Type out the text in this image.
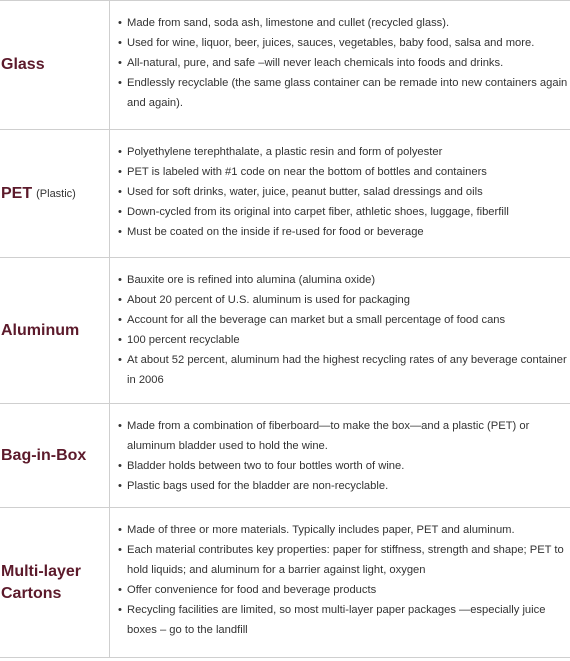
Glass
• Made from sand, soda ash, limestone and cullet (recycled glass).
• Used for wine, liquor, beer, juices, sauces, vegetables, baby food, salsa and more.
• All-natural, pure, and safe –will never leach chemicals into foods and drinks.
• Endlessly recyclable (the same glass container can be remade into new containers again and again).
PET (Plastic)
• Polyethylene terephthalate, a plastic resin and form of polyester
• PET is labeled with #1 code on near the bottom of bottles and containers
• Used for soft drinks, water, juice, peanut butter, salad dressings and oils
• Down-cycled from its original into carpet fiber, athletic shoes, luggage, fiberfill
• Must be coated on the inside if re-used for food or beverage
Aluminum
• Bauxite ore is refined into alumina (alumina oxide)
• About 20 percent of U.S. aluminum is used for packaging
• Account for all the beverage can market but a small percentage of food cans
• 100 percent recyclable
• At about 52 percent, aluminum had the highest recycling rates of any beverage container in 2006
Bag-in-Box
• Made from a combination of fiberboard—to make the box—and a plastic (PET) or aluminum bladder used to hold the wine.
• Bladder holds between two to four bottles worth of wine.
• Plastic bags used for the bladder are non-recyclable.
Multi-layer Cartons
• Made of three or more materials. Typically includes paper, PET and aluminum.
• Each material contributes key properties: paper for stiffness, strength and shape; PET to hold liquids; and aluminum for a barrier against light, oxygen
• Offer convenience for food and beverage products
• Recycling facilities are limited, so most multi-layer paper packages —especially juice boxes – go to the landfill
